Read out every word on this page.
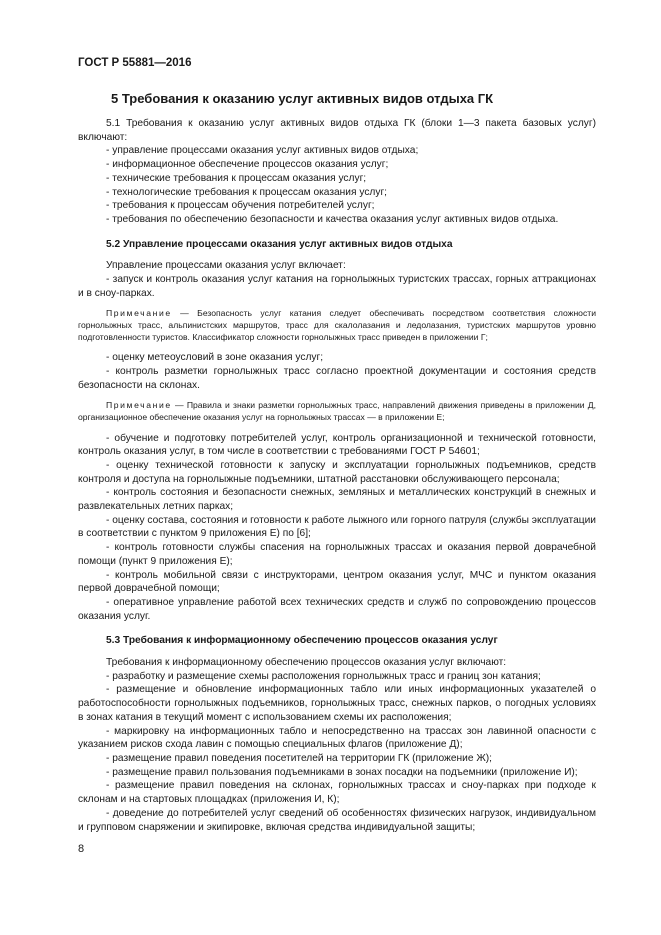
ГОСТ Р 55881—2016
5 Требования к оказанию услуг активных видов отдыха ГК

5.1 Требования к оказанию услуг активных видов отдыха ГК (блоки 1—3 пакета базовых услуг) включают:

- управление процессами оказания услуг активных видов отдыха;

- информационное обеспечение процессов оказания услуг;

- технические требования к процессам оказания услуг;

- технологические требования к процессам оказания услуг;

- требования к процессам обучения потребителей услуг;

- требования по обеспечению безопасности и качества оказания услуг активных видов отдыха.

5.2 Управление процессами оказания услуг активных видов отдыха

Управление процессами оказания услуг включает:

- запуск и контроль оказания услуг катания на горнолыжных туристских трассах, горных аттракционах и в сноу-парках.

Примечание — Безопасность услуг катания следует обеспечивать посредством соответствия сложности горнолыжных трасс, альпинистских маршрутов, трасс для скалолазания и ледолазания, туристских маршрутов уровню подготовленности туристов. Классификатор сложности горнолыжных трасс приведен в приложении Г;

- оценку метеоусловий в зоне оказания услуг;

- контроль разметки горнолыжных трасс согласно проектной документации и состояния средств безопасности на склонах.

Примечание — Правила и знаки разметки горнолыжных трасс, направлений движения приведены в приложении Д, организационное обеспечение оказания услуг на горнолыжных трассах — в приложении Е;

- обучение и подготовку потребителей услуг, контроль организационной и технической готовности, контроль оказания услуг, в том числе в соответствии с требованиями ГОСТ Р 54601;

- оценку технической готовности к запуску и эксплуатации горнолыжных подъемников, средств контроля и доступа на горнолыжные подъемники, штатной расстановки обслуживающего персонала;

- контроль состояния и безопасности снежных, земляных и металлических конструкций в снежных и развлекательных летних парках;

- оценку состава, состояния и готовности к работе лыжного или горного патруля (службы эксплуатации в соответствии с пунктом 9 приложения Е) по [6];

- контроль готовности службы спасения на горнолыжных трассах и оказания первой доврачебной помощи (пункт 9 приложения Е);

- контроль мобильной связи с инструкторами, центром оказания услуг, МЧС и пунктом оказания первой доврачебной помощи;

- оперативное управление работой всех технических средств и служб по сопровождению процессов оказания услуг.

5.3 Требования к информационному обеспечению процессов оказания услуг

Требования к информационному обеспечению процессов оказания услуг включают:

- разработку и размещение схемы расположения горнолыжных трасс и границ зон катания;

- размещение и обновление информационных табло или иных информационных указателей о работоспособности горнолыжных подъемников, горнолыжных трасс, снежных парков, о погодных условиях в зонах катания в текущий момент с использованием схемы их расположения;

- маркировку на информационных табло и непосредственно на трассах зон лавинной опасности с указанием рисков схода лавин с помощью специальных флагов (приложение Д);

- размещение правил поведения посетителей на территории ГК (приложение Ж);

- размещение правил пользования подъемниками в зонах посадки на подъемники (приложение И);

- размещение правил поведения на склонах, горнолыжных трассах и сноу-парках при подходе к склонам и на стартовых площадках (приложения И, К);

- доведение до потребителей услуг сведений об особенностях физических нагрузок, индивидуальном и групповом снаряжении и экипировке, включая средства индивидуальной защиты;

8
